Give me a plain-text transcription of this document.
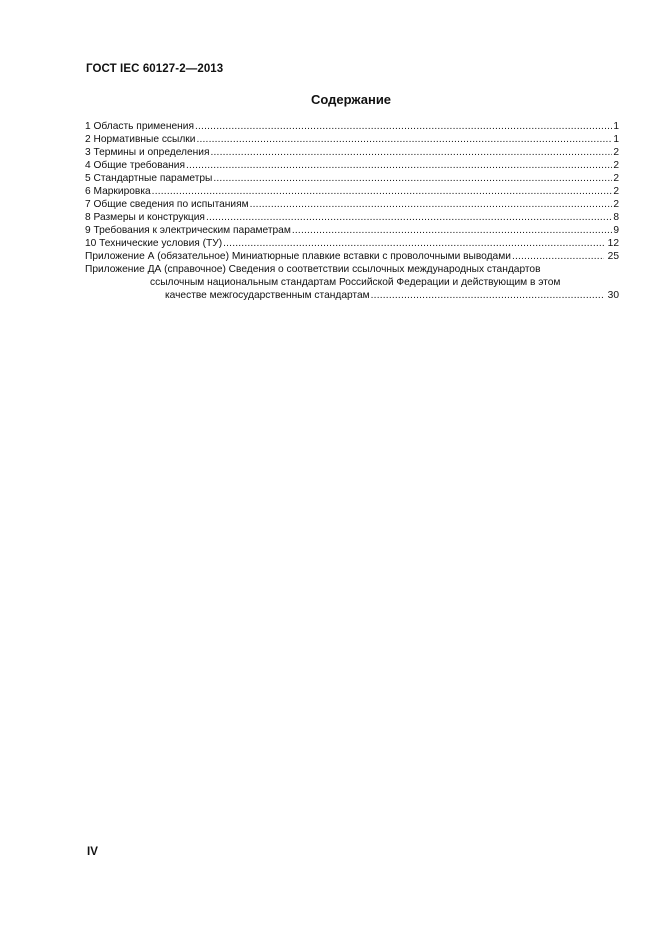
ГОСТ IEC 60127-2—2013
Содержание
1 Область применения .....	1
2 Нормативные ссылки .....	1
3 Термины и определения .....	2
4 Общие требования .....	2
5 Стандартные параметры .....	2
6 Маркировка .....	2
7 Общие сведения по испытаниям .....	2
8 Размеры и конструкция .....	8
9 Требования к электрическим параметрам .....	9
10 Технические условия (ТУ) .....	12
Приложение А (обязательное) Миниатюрные плавкие вставки с проволочными выводами .....	25
Приложение ДА (справочное) Сведения о соответствии ссылочных международных стандартов
ссылочным национальным стандартам Российской Федерации и действующим в этом
качестве межгосударственным стандартам .....	30
IV
